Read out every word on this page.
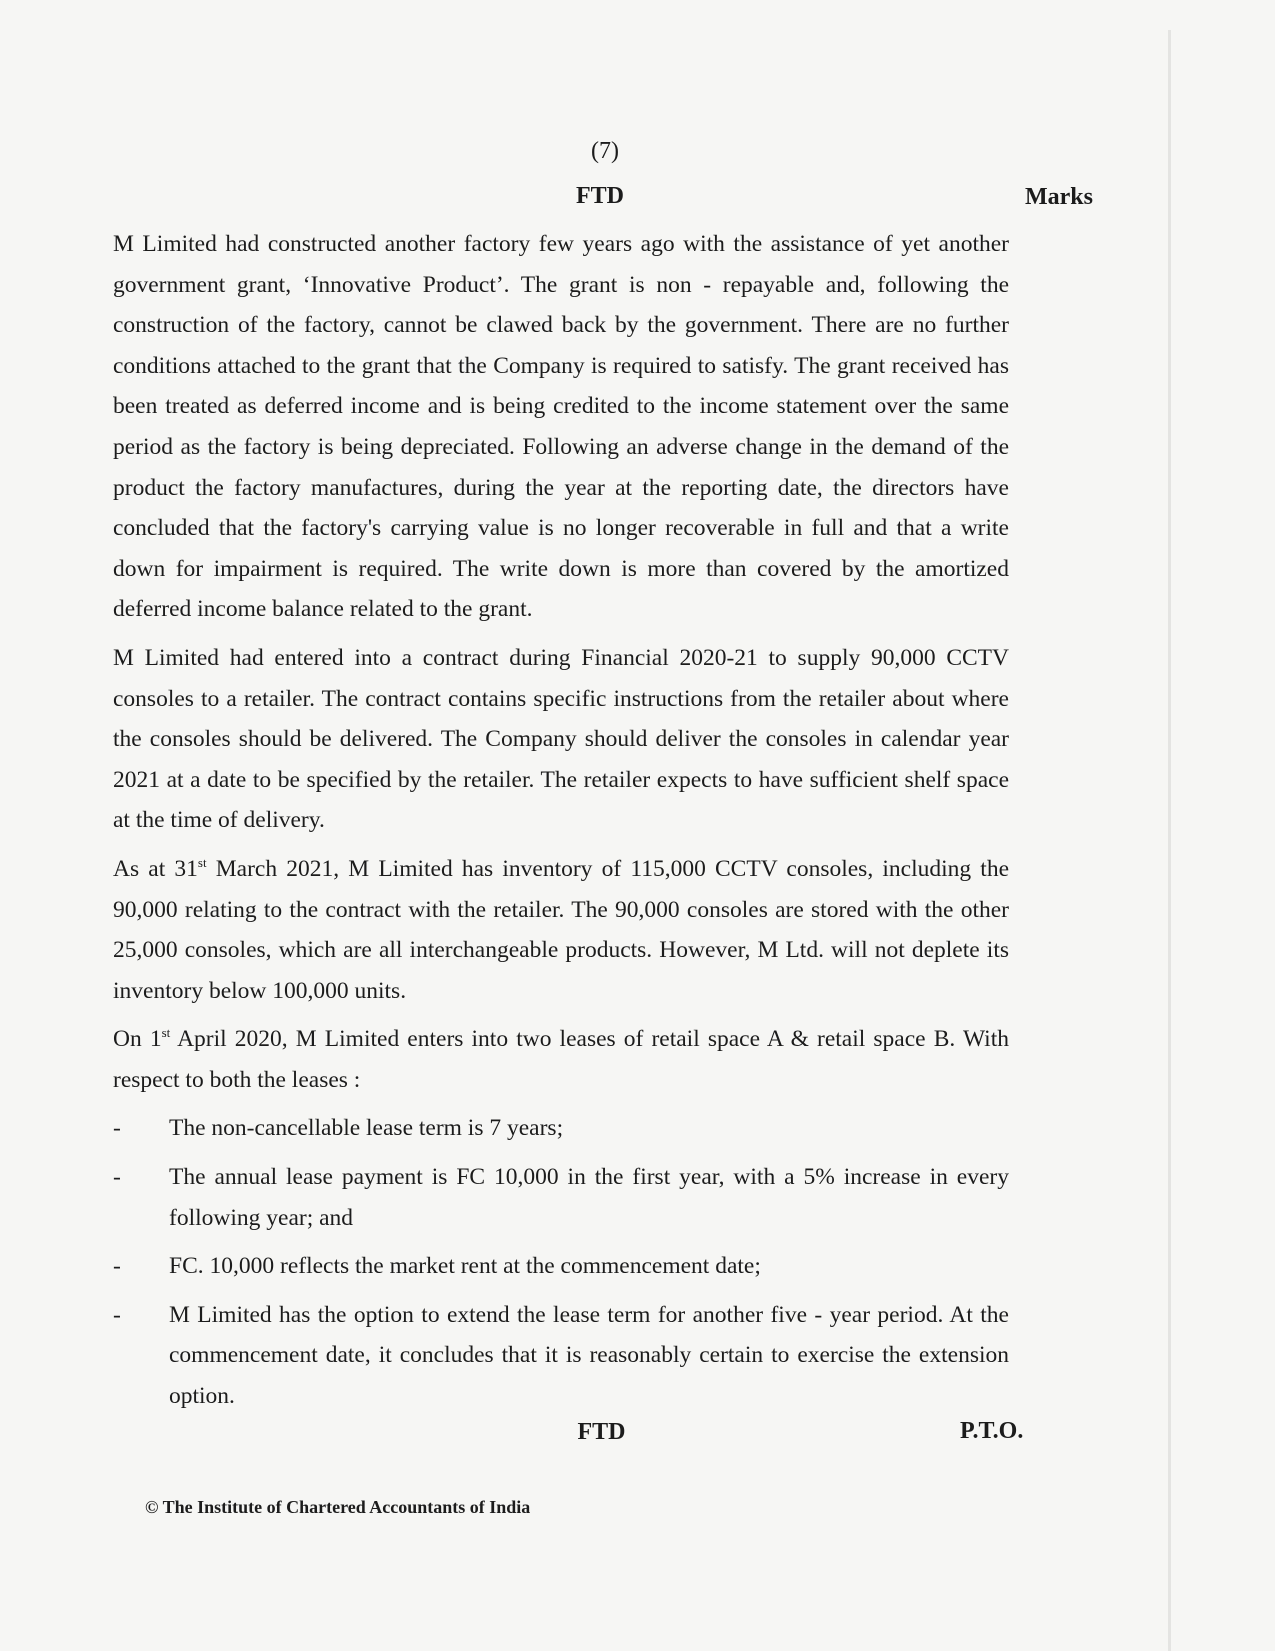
(7)
FTD	Marks

M Limited had constructed another factory few years ago with the assistance of yet another government grant, ‘Innovative Product’. The grant is non - repayable and, following the construction of the factory, cannot be clawed back by the government. There are no further conditions attached to the grant that the Company is required to satisfy. The grant received has been treated as deferred income and is being credited to the income statement over the same period as the factory is being depreciated. Following an adverse change in the demand of the product the factory manufactures, during the year at the reporting date, the directors have concluded that the factory's carrying value is no longer recoverable in full and that a write down for impairment is required. The write down is more than covered by the amortized deferred income balance related to the grant.

M Limited had entered into a contract during Financial 2020-21 to supply 90,000 CCTV consoles to a retailer. The contract contains specific instructions from the retailer about where the consoles should be delivered. The Company should deliver the consoles in calendar year 2021 at a date to be specified by the retailer. The retailer expects to have sufficient shelf space at the time of delivery.

As at 31st March 2021, M Limited has inventory of 115,000 CCTV consoles, including the 90,000 relating to the contract with the retailer. The 90,000 consoles are stored with the other 25,000 consoles, which are all interchangeable products. However, M Ltd. will not deplete its inventory below 100,000 units.

On 1st April 2020, M Limited enters into two leases of retail space A & retail space B. With respect to both the leases :

-	The non-cancellable lease term is 7 years;
-	The annual lease payment is FC 10,000 in the first year, with a 5% increase in every following year; and
-	FC. 10,000 reflects the market rent at the commencement date;
-	M Limited has the option to extend the lease term for another five - year period. At the commencement date, it concludes that it is reasonably certain to exercise the extension option.
FTD	P.T.O.
© The Institute of Chartered Accountants of India
